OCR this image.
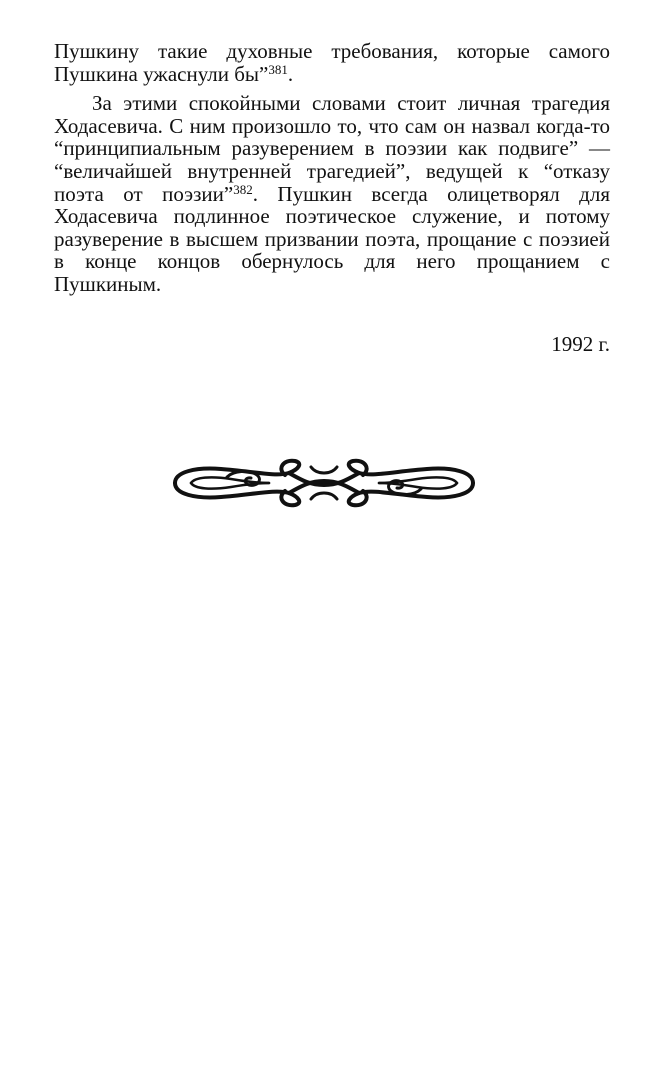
Пушкину такие духовные требования, которые самого Пушкина ужаснули бы”$^{381}$.

За этими спокойными словами стоит личная трагедия Ходасевича. С ним произошло то, что сам он назвал когда-то “принципиальным разуверением в поэзии как подвиге” — “величайшей внутренней трагедией”, ведущей к “отказу поэта от поэзии”$^{382}$. Пушкин всегда олицетворял для Ходасевича подлинное поэтическое служение, и потому разуверение в высшем призвании поэта, прощание с поэзией в конце концов обернулось для него прощанием с Пушкиным.

1992 г.
